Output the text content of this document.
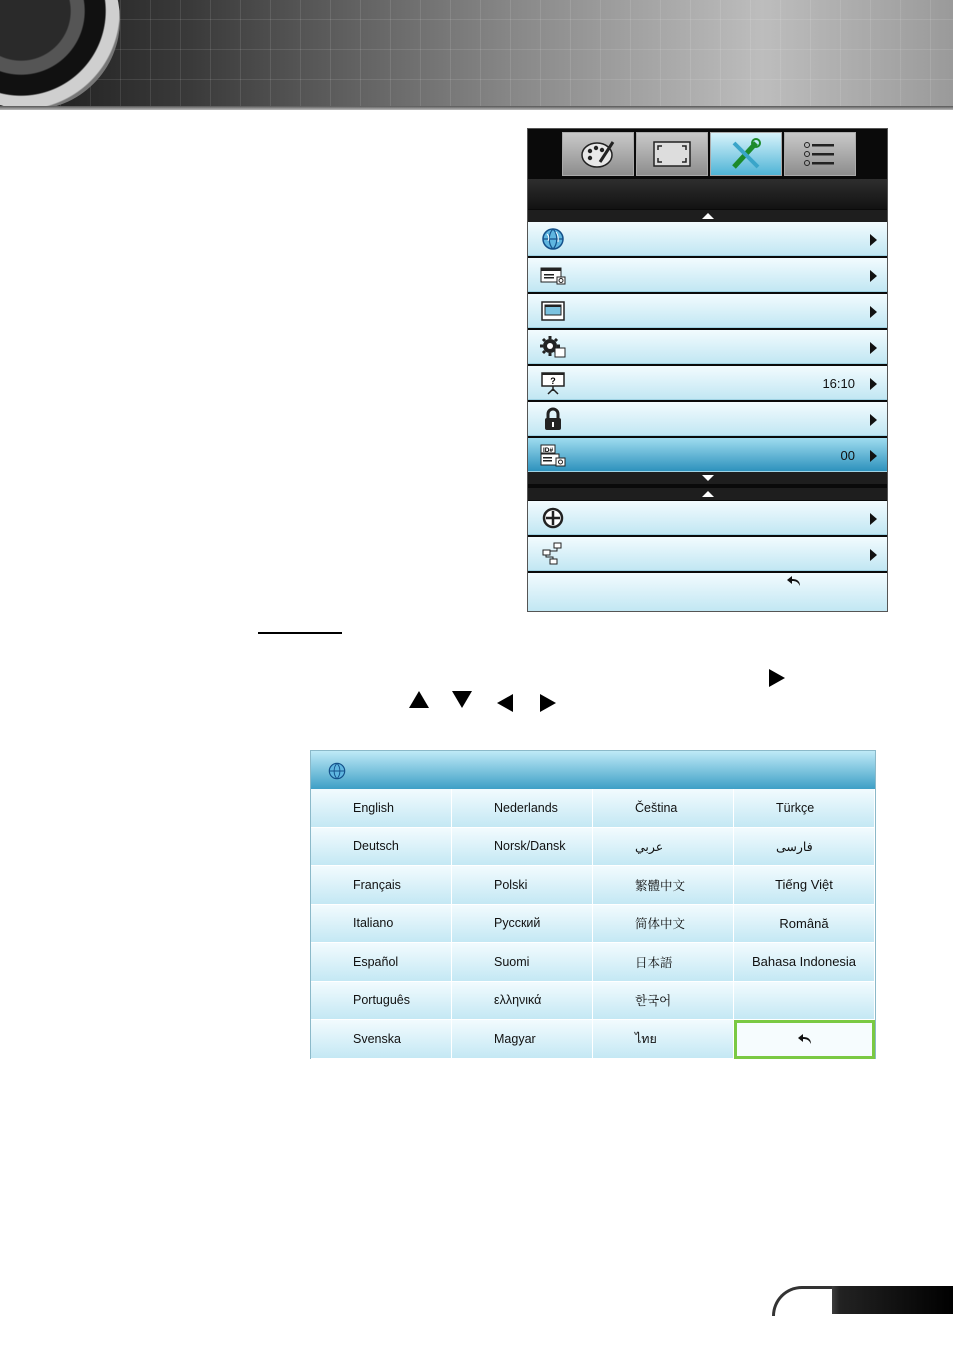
?	16:10
ID#	00
English	Nederlands	Čeština	Türkçe
Deutsch	Norsk/Dansk	عربي	فارسی
Français	Polski	繁體中文	Tiếng Việt
Italiano	Русский	简体中文	Română
Español	Suomi	日本語	Bahasa Indonesia
Português	ελληνικά	한국어
Svenska	Magyar	ไทย
